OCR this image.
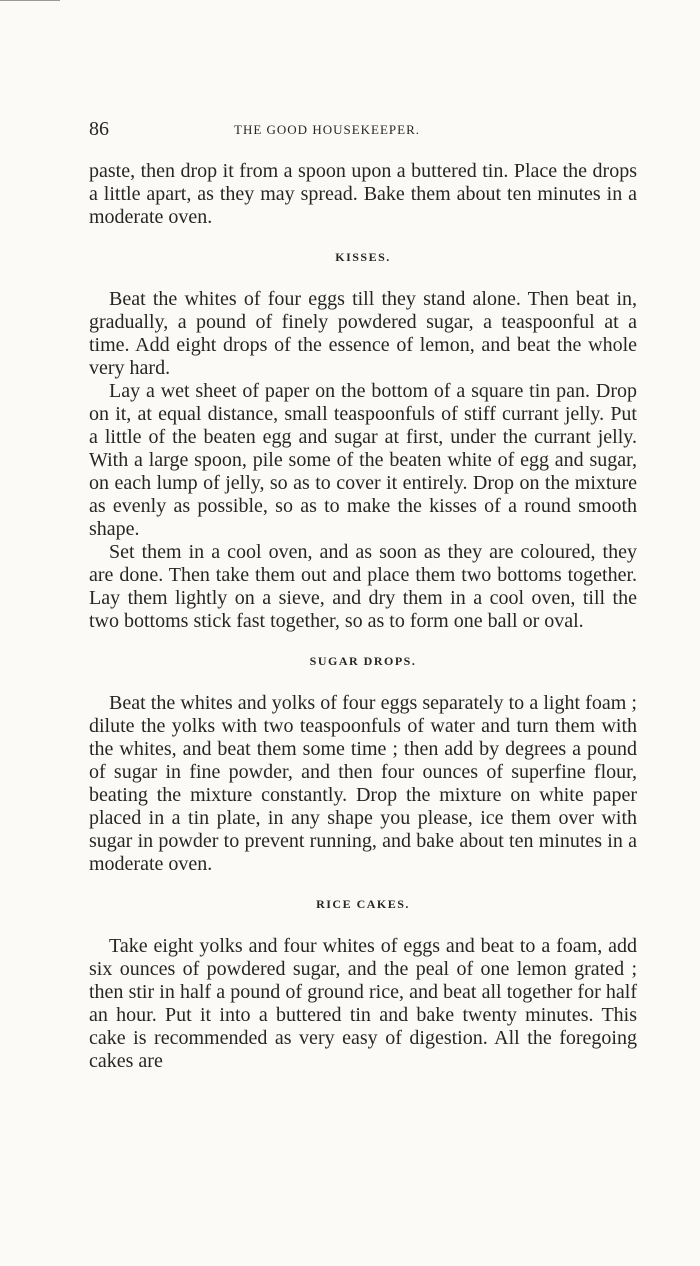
86	THE GOOD HOUSEKEEPER.

paste, then drop it from a spoon upon a buttered tin. Place the drops a little apart, as they may spread. Bake them about ten minutes in a moderate oven.

KISSES.

Beat the whites of four eggs till they stand alone. Then beat in, gradually, a pound of finely powdered sugar, a teaspoonful at a time. Add eight drops of the essence of lemon, and beat the whole very hard.

Lay a wet sheet of paper on the bottom of a square tin pan. Drop on it, at equal distance, small teaspoonfuls of stiff currant jelly. Put a little of the beaten egg and sugar at first, under the currant jelly. With a large spoon, pile some of the beaten white of egg and sugar, on each lump of jelly, so as to cover it entirely. Drop on the mixture as evenly as possible, so as to make the kisses of a round smooth shape.

Set them in a cool oven, and as soon as they are coloured, they are done. Then take them out and place them two bottoms together. Lay them lightly on a sieve, and dry them in a cool oven, till the two bottoms stick fast together, so as to form one ball or oval.

SUGAR DROPS.

Beat the whites and yolks of four eggs separately to a light foam ; dilute the yolks with two teaspoonfuls of water and turn them with the whites, and beat them some time ; then add by degrees a pound of sugar in fine powder, and then four ounces of superfine flour, beating the mixture constantly. Drop the mixture on white paper placed in a tin plate, in any shape you please, ice them over with sugar in powder to prevent running, and bake about ten minutes in a moderate oven.

RICE CAKES.

Take eight yolks and four whites of eggs and beat to a foam, add six ounces of powdered sugar, and the peal of one lemon grated ; then stir in half a pound of ground rice, and beat all together for half an hour. Put it into a buttered tin and bake twenty minutes. This cake is recommended as very easy of digestion. All the foregoing cakes are
